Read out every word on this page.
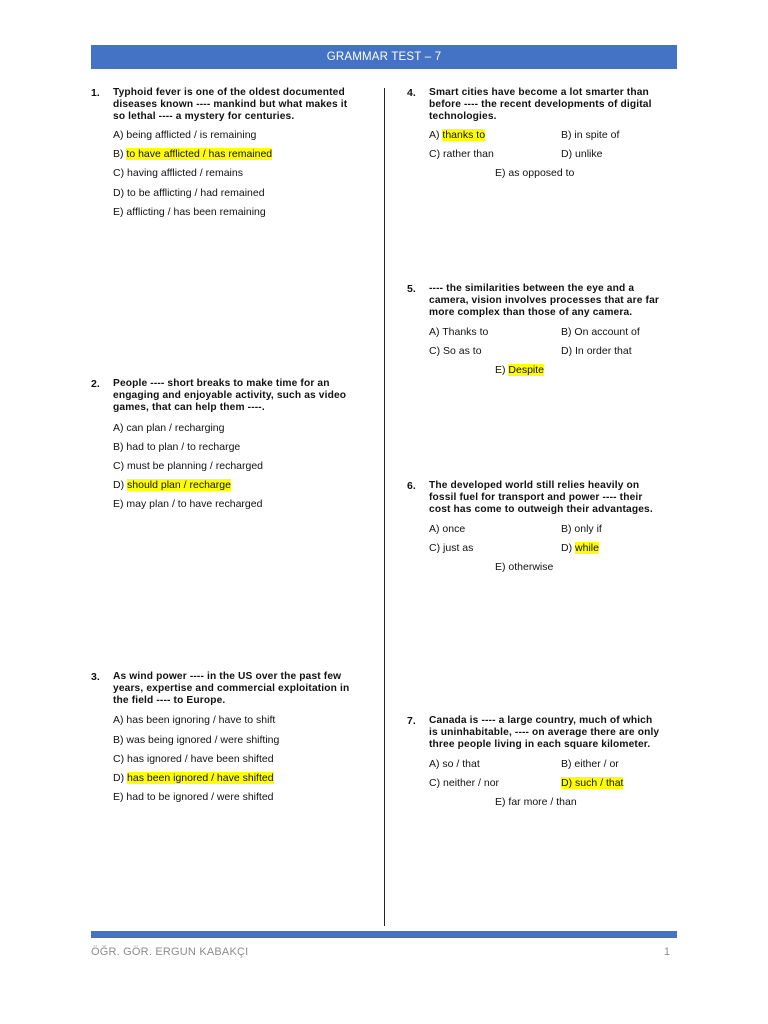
GRAMMAR TEST – 7
1. Typhoid fever is one of the oldest documented
diseases known ---- mankind but what makes it
so lethal ---- a mystery for centuries.
A) being afflicted / is remaining
B) to have afflicted / has remained
C) having afflicted / remains
D) to be afflicting / had remained
E) afflicting / has been remaining
2. People ---- short breaks to make time for an
engaging and enjoyable activity, such as video
games, that can help them ----.
A) can plan / recharging
B) had to plan / to recharge
C) must be planning / recharged
D) should plan / recharge
E) may plan / to have recharged
3. As wind power ---- in the US over the past few
years, expertise and commercial exploitation in
the field ---- to Europe.
A) has been ignoring / have to shift
B) was being ignored / were shifting
C) has ignored / have been shifted
D) has been ignored / have shifted
E) had to be ignored / were shifted
4. Smart cities have become a lot smarter than
before ---- the recent developments of digital
technologies.
A) thanks to	B) in spite of
C) rather than	D) unlike
E) as opposed to
5. ---- the similarities between the eye and a
camera, vision involves processes that are far
more complex than those of any camera.
A) Thanks to	B) On account of
C) So as to	D) In order that
E) Despite
6. The developed world still relies heavily on
fossil fuel for transport and power ---- their
cost has come to outweigh their advantages.
A) once	B) only if
C) just as	D) while
E) otherwise
7. Canada is ---- a large country, much of which
is uninhabitable, ---- on average there are only
three people living in each square kilometer.
A) so / that	B) either / or
C) neither / nor	D) such / that
E) far more / than
ÖĞR. GÖR. ERGUN KABAKÇI	1
